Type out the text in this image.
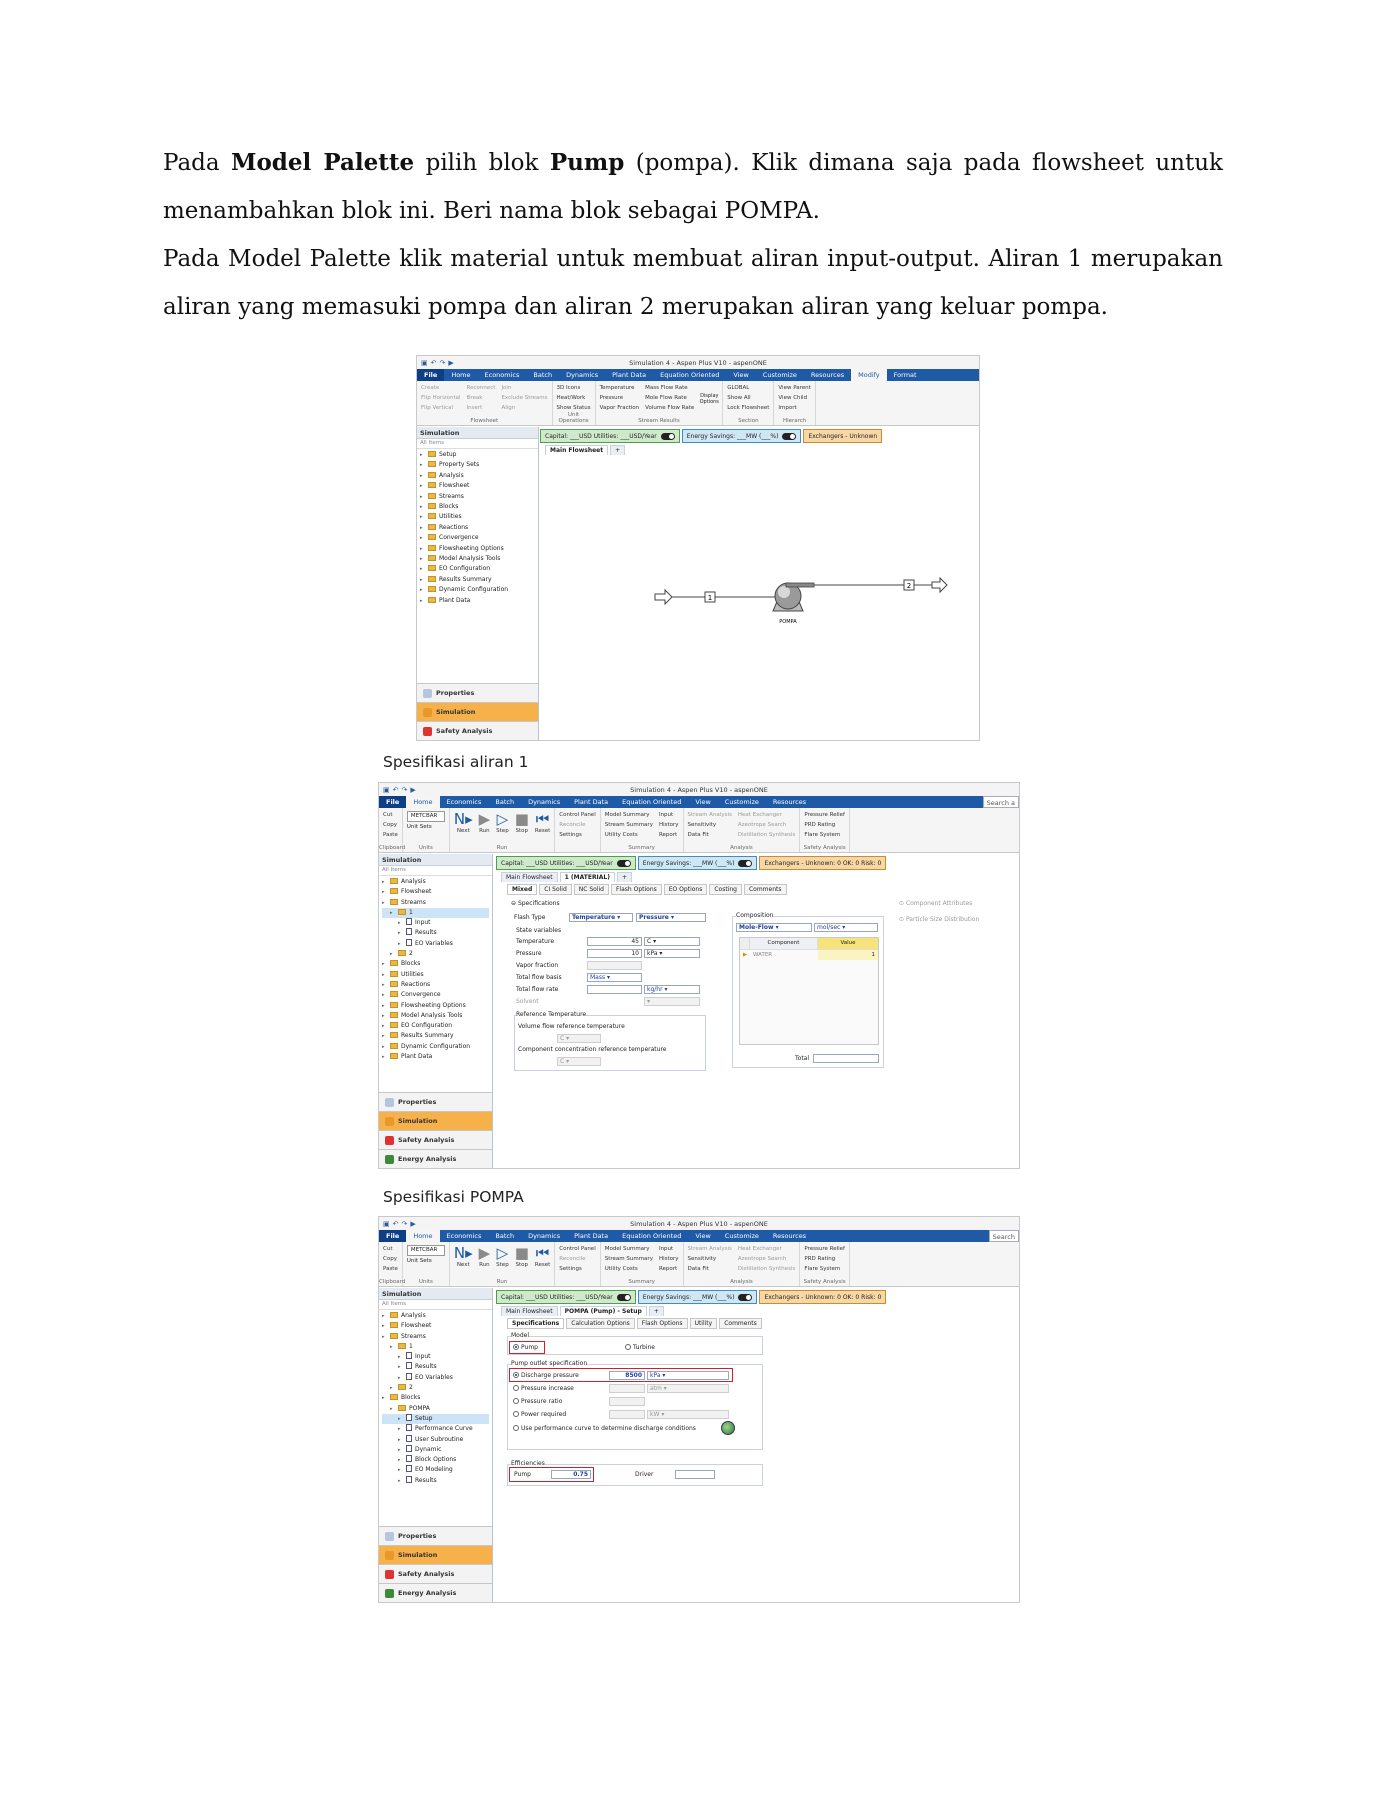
Pada Model Palette pilih blok Pump (pompa). Klik dimana saja pada flowsheet untuk menambahkan blok ini. Beri nama blok sebagai POMPA.

Pada Model Palette klik material untuk membuat aliran input-output. Aliran 1 merupakan aliran yang memasuki pompa dan aliran 2 merupakan aliran yang keluar pompa.

▣ ↶ ↷ ▶	Simulation 4 - Aspen Plus V10 - aspenONE
File	Home	Economics	Batch	Dynamics	Plant Data	Equation Oriented	View	Customize	Resources	Modify	Format
Create
Flip Horizontal
Flip Vertical
Reconnect
Break
Insert
Join
Exclude Streams
Align
Flowsheet
3D Icons
Heat/Work
Show Status
Unit Operations
Temperature
Pressure
Vapor Fraction
Mass Flow Rate
Mole Flow Rate
Volume Flow Rate
Display Options
Stream Results
GLOBAL
Show All
Lock Flowsheet
Section
View Parent
View Child
Import
Hierarch
Simulation
All Items
▸	Setup
▸	Property Sets
▸	Analysis
▸	Flowsheet
▸	Streams
▸	Blocks
▸	Utilities
▸	Reactions
▸	Convergence
▸	Flowsheeting Options
▸	Model Analysis Tools
▸	EO Configuration
▸	Results Summary
▸	Dynamic Configuration
▸	Plant Data
Properties
Simulation
Safety Analysis
Capital: ___USD Utilities: ___USD/Year	Energy Savings: ___MW (___%)	Exchangers - Unknown
Main Flowsheet	+
1
POMPA
2
Spesifikasi aliran 1
▣ ↶ ↷ ▶	Simulation 4 - Aspen Plus V10 - aspenONE
File	Home	Economics	Batch	Dynamics	Plant Data	Equation Oriented	View	Customize	Resources	Search a
Cut
Copy
Paste
Clipboard
METCBAR
Unit Sets
Units
N▸
Next
▶
Run
▷
Step
■
Stop
⏮
Reset
Run
Control Panel
Reconcile
Settings
Model Summary
Stream Summary
Utility Costs
Input
History
Report
Summary
Stream Analysis
Sensitivity
Data Fit
Heat Exchanger
Azeotrope Search
Distillation Synthesis
Analysis
Pressure Relief
PRD Rating
Flare System
Safety Analysis
Simulation
All Items
▸	Analysis
▸	Flowsheet
▸	Streams
▸	1
▸ Input
▸ Results
▸ EO Variables
▸	2
▸	Blocks
▸	Utilities
▸	Reactions
▸	Convergence
▸	Flowsheeting Options
▸	Model Analysis Tools
▸	EO Configuration
▸	Results Summary
▸	Dynamic Configuration
▸	Plant Data
Properties
Simulation
Safety Analysis
Energy Analysis
Capital: ___USD Utilities: ___USD/Year	Energy Savings: ___MW (___%)	Exchangers - Unknown: 0 OK: 0 Risk: 0
Main Flowsheet	1 (MATERIAL)	+
Mixed	CI Solid	NC Solid	Flash Options	EO Options	Costing	Comments
⊖ Specifications
Flash Type	Temperature ▾	Pressure ▾
State variables
Temperature	45	C ▾
Pressure	10	kPa ▾
Vapor fraction
Total flow basis	Mass ▾
Total flow rate	kg/hr ▾
Solvent	▾
Reference Temperature
Volume flow reference temperature
C ▾
Component concentration reference temperature
C ▾
Composition
Mole-Flow ▾	mol/sec ▾
Component	Value
▶	WATER	1
Total
⊙ Component Attributes
⊙ Particle Size Distribution
Spesifikasi POMPA
▣ ↶ ↷ ▶	Simulation 4 - Aspen Plus V10 - aspenONE
File	Home	Economics	Batch	Dynamics	Plant Data	Equation Oriented	View	Customize	Resources	Search
Cut
Copy
Paste
Clipboard
METCBAR
Unit Sets
Units
N▸
Next
▶
Run
▷
Step
■
Stop
⏮
Reset
Run
Control Panel
Reconcile
Settings
Model Summary
Stream Summary
Utility Costs
Input
History
Report
Summary
Stream Analysis
Sensitivity
Data Fit
Heat Exchanger
Azeotrope Search
Distillation Synthesis
Analysis
Pressure Relief
PRD Rating
Flare System
Safety Analysis
Simulation
All Items
▸	Analysis
▸	Flowsheet
▸	Streams
▸	1
▸ Input
▸ Results
▸ EO Variables
▸	2
▸	Blocks
▸	POMPA
▸ Setup
▸ Performance Curve
▸ User Subroutine
▸ Dynamic
▸ Block Options
▸ EO Modeling
▸ Results
Properties
Simulation
Safety Analysis
Energy Analysis
Capital: ___USD Utilities: ___USD/Year	Energy Savings: ___MW (___%)	Exchangers - Unknown: 0 OK: 0 Risk: 0
Main Flowsheet	POMPA (Pump) - Setup	+
Specifications	Calculation Options	Flash Options	Utility	Comments
Model
Pump	Turbine
Pump outlet specification
Discharge pressure	8500	kPa ▾
Pressure increase	atm ▾
Pressure ratio
Power required	kW ▾
Use performance curve to determine discharge conditions
Efficiencies
Pump	0.75	Driver
